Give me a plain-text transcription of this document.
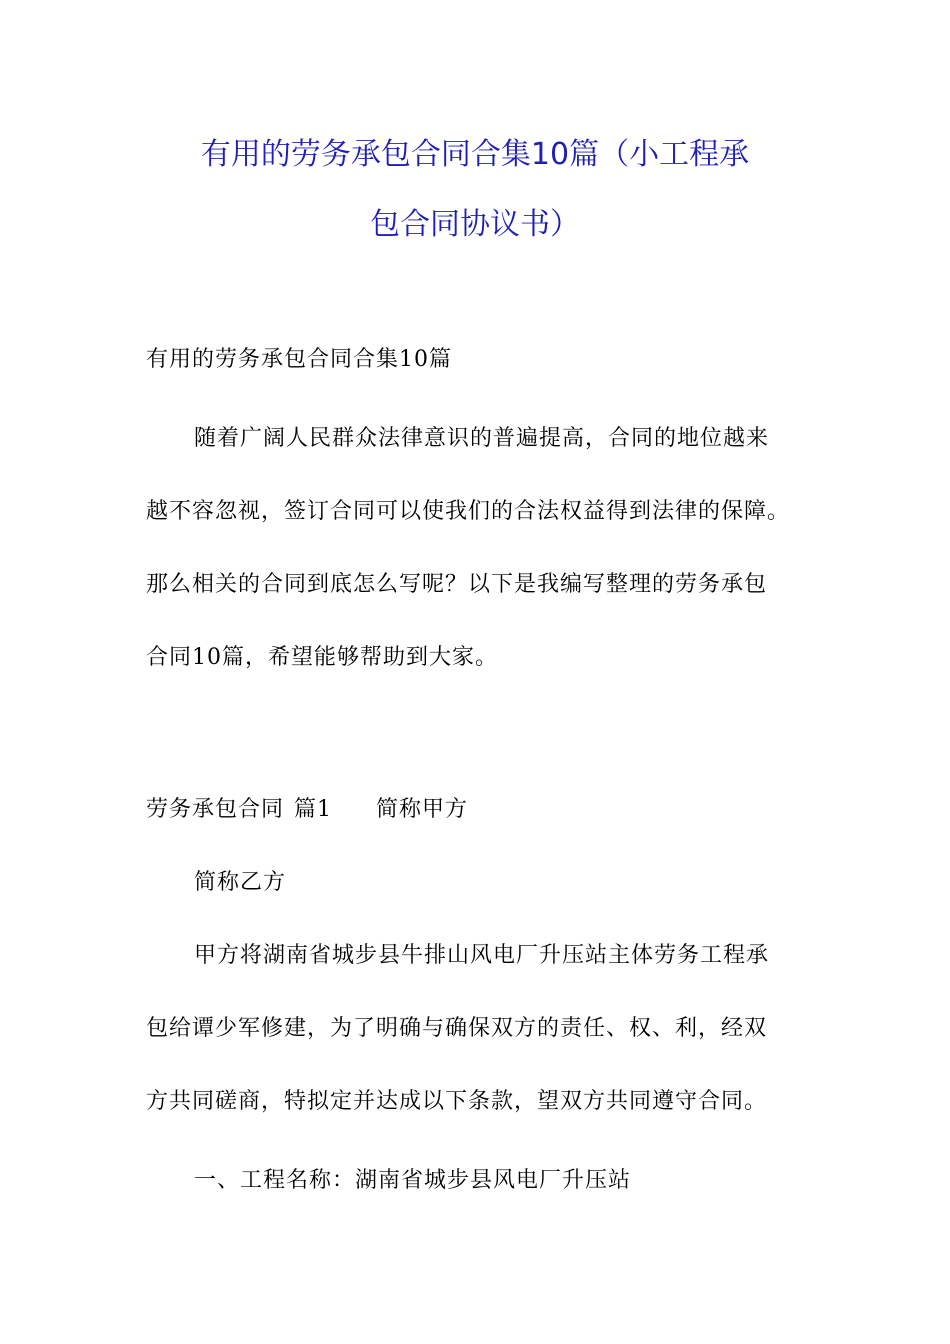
有用的劳务承包合同合集10篇（小工程承
包合同协议书）
有用的劳务承包合同合集10篇
随着广阔人民群众法律意识的普遍提高，合同的地位越来
越不容忽视，签订合同可以使我们的合法权益得到法律的保障。
那么相关的合同到底怎么写呢？以下是我编写整理的劳务承包
合同10篇，希望能够帮助到大家。
劳务承包合同 篇1 简称甲方
简称乙方
甲方将湖南省城步县牛排山风电厂升压站主体劳务工程承
包给谭少军修建，为了明确与确保双方的责任、权、利，经双
方共同磋商，特拟定并达成以下条款，望双方共同遵守合同。
一、工程名称：湖南省城步县风电厂升压站
